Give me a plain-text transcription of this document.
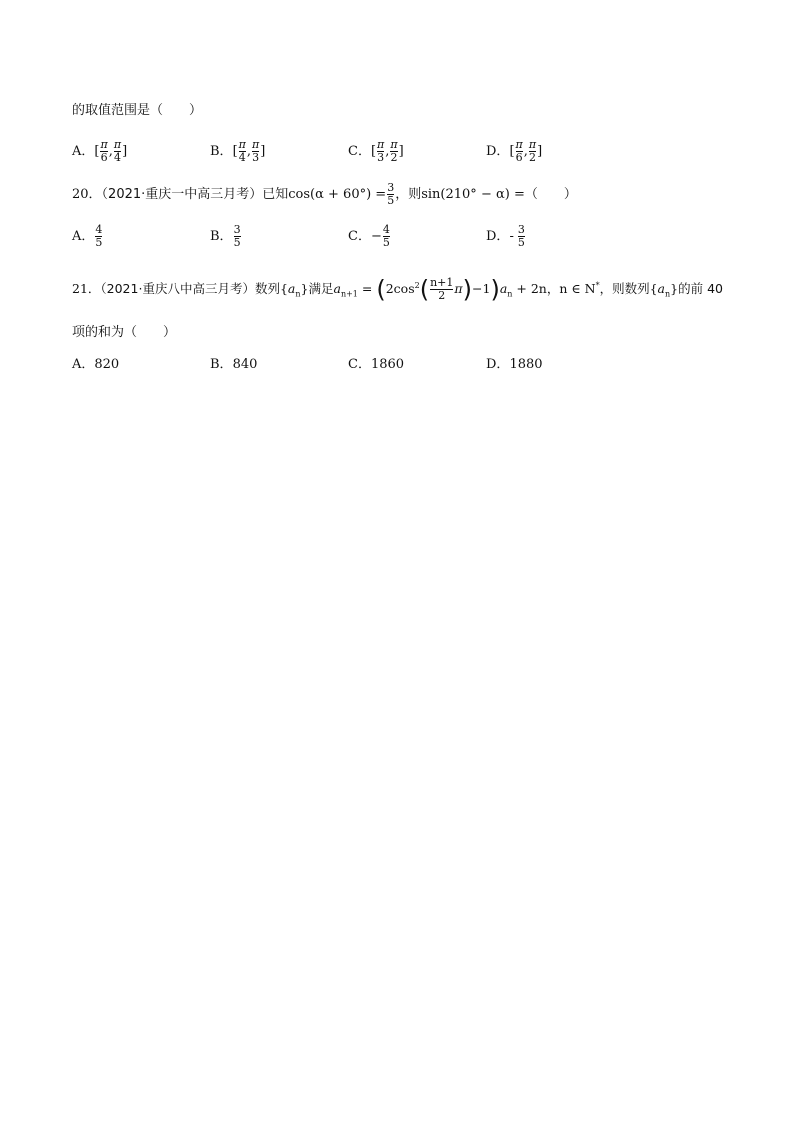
的取值范围是（　　）
A．[ $\frac{\pi}{6}$ , $\frac{\pi}{4}$ ]	B．[ $\frac{\pi}{4}$ , $\frac{\pi}{3}$ ]	C．[ $\frac{\pi}{3}$ , $\frac{\pi}{2}$ ]	D．[ $\frac{\pi}{6}$ , $\frac{\pi}{2}$ ]
20．（2021·重庆一中高三月考）已知$\cos(\alpha + 60^\circ) = \frac{3}{5}$ ，则sin(210° − α) =（　　）
A． $\frac{4}{5}$	B． $\frac{3}{5}$	C．− $\frac{4}{5}$	D．- $\frac{3}{5}$
21．（2021·重庆八中高三月考）数列$\{a_n\}$满足$a_{n+1} = (2\cos^2( \frac{n+1}{2} \pi)-1)a_n + 2n$，n ∈ N*，则数列$\{a_n\}$的前 40
项的和为（　　）
A．820	B．840	C．1860	D．1880
